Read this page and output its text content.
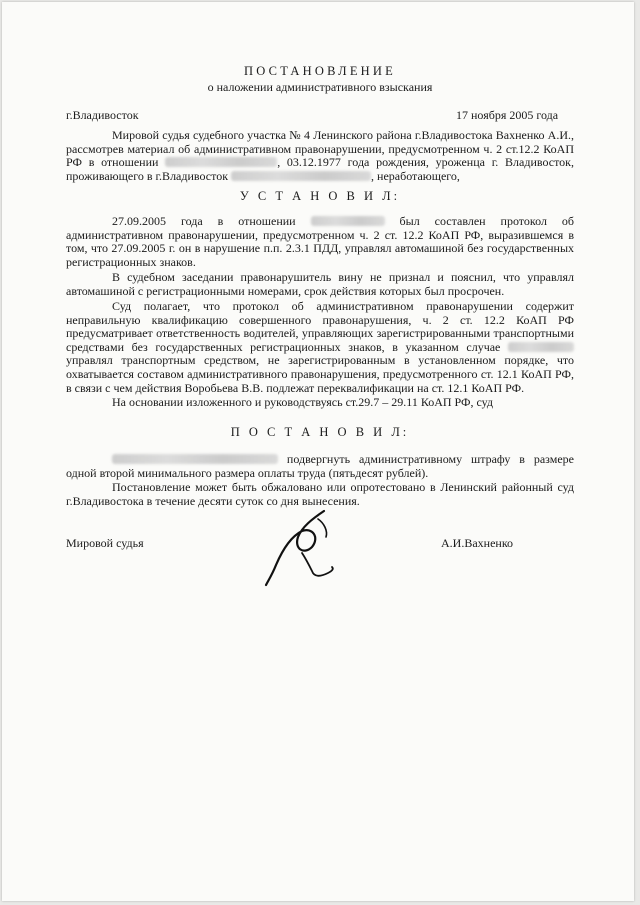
ПОСТАНОВЛЕНИЕ
о наложении административного взыскания
г.Владивосток	17 ноября 2005 года

Мировой судья судебного участка № 4 Ленинского района г.Владивостока Вахненко А.И., рассмотрев материал об административном правонарушении, предусмотренном ч. 2 ст.12.2 КоАП РФ в отношении	, 03.12.1977 года рождения, уроженца г. Владивосток, проживающего в г.Владивосток	, неработающего,

У С Т А Н О В И Л:

27.09.2005 года в отношении	был составлен протокол об административном правонарушении, предусмотренном ч. 2 ст. 12.2 КоАП РФ, выразившемся в том, что 27.09.2005 г. он в нарушение п.п. 2.3.1 ПДД, управлял автомашиной без государственных регистрационных знаков.

В судебном заседании правонарушитель вину не признал и пояснил, что управлял автомашиной с регистрационными номерами, срок действия которых был просрочен.

Суд полагает, что протокол об административном правонарушении содержит неправильную квалификацию совершенного правонарушения, ч. 2 ст. 12.2 КоАП РФ предусматривает ответственность водителей, управляющих зарегистрированными транспортными средствами без государственных регистрационных знаков, в указанном случае  управлял транспортным средством, не зарегистрированным в установленном порядке, что охватывается составом административного правонарушения, предусмотренного ст. 12.1 КоАП РФ, в связи с чем действия Воробьева В.В. подлежат переквалификации на ст. 12.1 КоАП РФ.

На основании изложенного и руководствуясь ст.29.7 – 29.11 КоАП РФ, суд

П О С Т А Н О В И Л:

подвергнуть административному штрафу в размере одной второй минимального размера оплаты труда (пятьдесят рублей).

Постановление может быть обжаловано или опротестовано в Ленинский районный суд г.Владивостока в течение десяти суток со дня вынесения.

Мировой судья	А.И.Вахненко
